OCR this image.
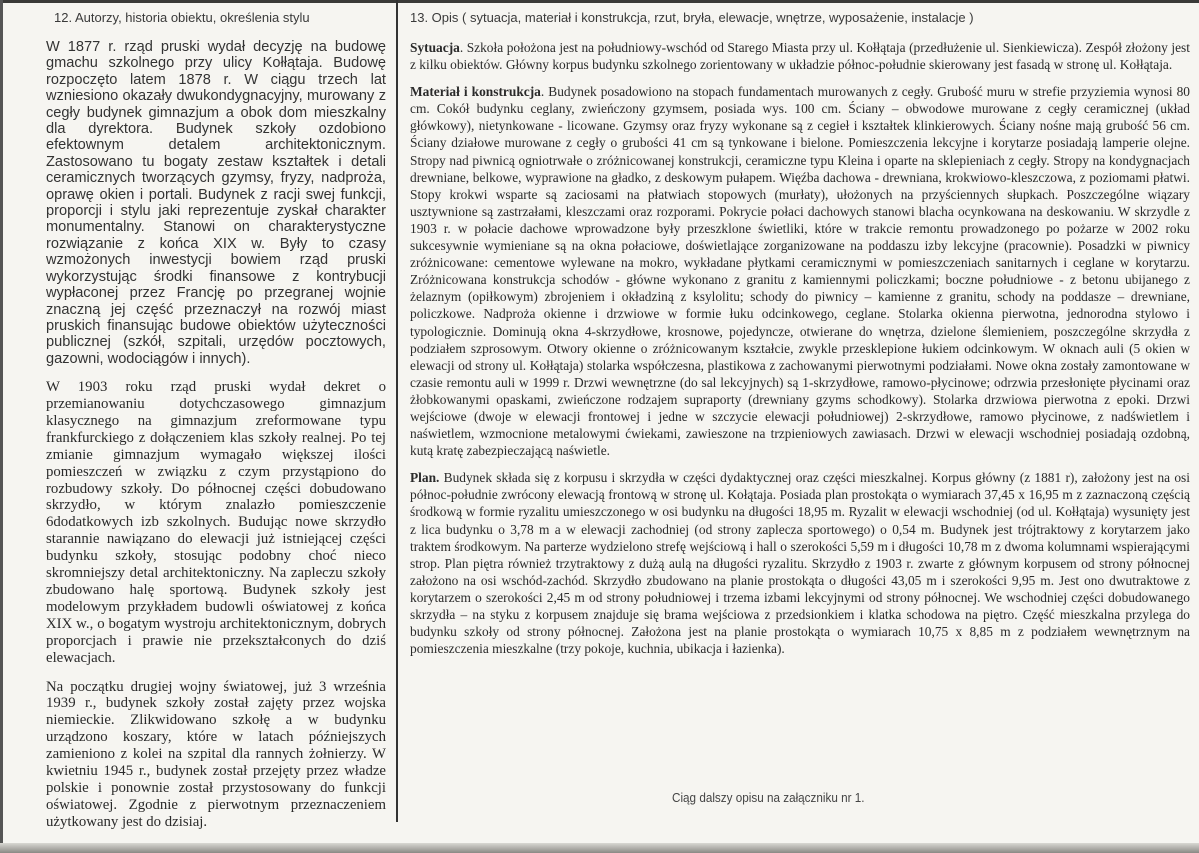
12. Autorzy, historia obiektu, określenia stylu

W 1877 r. rząd pruski wydał decyzję na budowę gmachu szkolnego przy ulicy Kołłątaja. Budowę rozpoczęto latem 1878 r. W ciągu trzech lat wzniesiono okazały dwukondygnacyjny, murowany z cegły budynek gimnazjum a obok dom mieszkalny dla dyrektora. Budynek szkoły ozdobiono efektownym detalem architektonicznym. Zastosowano tu bogaty zestaw kształtek i detali ceramicznych tworzących gzymsy, fryzy, nadproża, oprawę okien i portali. Budynek z racji swej funkcji, proporcji i stylu jaki reprezentuje zyskał charakter monumentalny. Stanowi on charakterystyczne rozwiązanie z końca XIX w. Były to czasy wzmożonych inwestycji bowiem rząd pruski wykorzystując środki finansowe z kontrybucji wypłaconej przez Francję po przegranej wojnie znaczną jej część przeznaczył na rozwój miast pruskich finansując budowe obiektów użyteczności publicznej (szkół, szpitali, urzędów pocztowych, gazowni, wodociągów i innych).

W 1903 roku rząd pruski wydał dekret o przemianowaniu dotychczasowego gimnazjum klasycznego na gimnazjum zreformowane typu frankfurckiego z dołączeniem klas szkoły realnej. Po tej zmianie gimnazjum wymagało większej ilości pomieszczeń w związku z czym przystąpiono do rozbudowy szkoły. Do północnej części dobudowano skrzydło, w którym znalazło pomieszczenie 6dodatkowych izb szkolnych. Budując nowe skrzydło starannie nawiązano do elewacji już istniejącej części budynku szkoły, stosując podobny choć nieco skromniejszy detal architektoniczny. Na zapleczu szkoły zbudowano halę sportową. Budynek szkoły jest modelowym przykładem budowli oświatowej z końca XIX w., o bogatym wystroju architektonicznym, dobrych proporcjach i prawie nie przekształconych do dziś elewacjach.

Na początku drugiej wojny światowej, już 3 września 1939 r., budynek szkoły został zajęty przez wojska niemieckie. Zlikwidowano szkołę a w budynku urządzono koszary, które w latach późniejszych zamieniono z kolei na szpital dla rannych żołnierzy. W kwietniu 1945 r., budynek został przejęty przez władze polskie i ponownie został przystosowany do funkcji oświatowej. Zgodnie z pierwotnym przeznaczeniem użytkowany jest do dzisiaj.

13. Opis ( sytuacja, materiał i konstrukcja, rzut, bryła, elewacje, wnętrze, wyposażenie, instalacje )

Sytuacja. Szkoła położona jest na południowy-wschód od Starego Miasta przy ul. Kołłątaja (przedłużenie ul. Sienkiewicza). Zespół złożony jest z kilku obiektów. Główny korpus budynku szkolnego zorientowany w układzie północ-południe skierowany jest fasadą w stronę ul. Kołłątaja.

Materiał i konstrukcja. Budynek posadowiono na stopach fundamentach murowanych z cegły. Grubość muru w strefie przyziemia wynosi 80 cm. Cokół budynku ceglany, zwieńczony gzymsem, posiada wys. 100 cm. Ściany – obwodowe murowane z cegły ceramicznej (układ główkowy), nietynkowane - licowane. Gzymsy oraz fryzy wykonane są z cegieł i kształtek klinkierowych. Ściany nośne mają grubość 56 cm. Ściany działowe murowane z cegły o grubości 41 cm są tynkowane i bielone. Pomieszczenia lekcyjne i korytarze posiadają lamperie olejne. Stropy nad piwnicą ogniotrwałe o zróżnicowanej konstrukcji, ceramiczne typu Kleina i oparte na sklepieniach z cegły. Stropy na kondygnacjach drewniane, belkowe, wyprawione na gładko, z deskowym pułapem. Więźba dachowa - drewniana, krokwiowo-kleszczowa, z poziomami płatwi. Stopy krokwi wsparte są zaciosami na płatwiach stopowych (murłaty), ułożonych na przyściennych słupkach. Poszczególne wiązary usztywnione są zastrzałami, kleszczami oraz rozporami. Pokrycie połaci dachowych stanowi blacha ocynkowana na deskowaniu. W skrzydle z 1903 r. w połacie dachowe wprowadzone były przeszklone świetliki, które w trakcie remontu prowadzonego po pożarze w 2002 roku sukcesywnie wymieniane są na okna połaciowe, doświetlające zorganizowane na poddaszu izby lekcyjne (pracownie). Posadzki w piwnicy zróżnicowane: cementowe wylewane na mokro, wykładane płytkami ceramicznymi w pomieszczeniach sanitarnych i ceglane w korytarzu. Zróżnicowana konstrukcja schodów - główne wykonano z granitu z kamiennymi policzkami; boczne południowe - z betonu ubijanego z żelaznym (opiłkowym) zbrojeniem i okładziną z ksylolitu; schody do piwnicy – kamienne z granitu, schody na poddasze – drewniane, policzkowe. Nadproża okienne i drzwiowe w formie łuku odcinkowego, ceglane. Stolarka okienna pierwotna, jednorodna stylowo i typologicznie. Dominują okna 4-skrzydłowe, krosnowe, pojedyncze, otwierane do wnętrza, dzielone ślemieniem, poszczególne skrzydła z podziałem szprosowym. Otwory okienne o zróżnicowanym kształcie, zwykle przesklepione łukiem odcinkowym. W oknach auli (5 okien w elewacji od strony ul. Kołłątaja) stolarka współczesna, plastikowa z zachowanymi pierwotnymi podziałami. Nowe okna zostały zamontowane w czasie remontu auli w 1999 r. Drzwi wewnętrzne (do sal lekcyjnych) są 1-skrzydłowe, ramowo-płycinowe; odrzwia przesłonięte płycinami oraz żłobkowanymi opaskami, zwieńczone rodzajem supraporty (drewniany gzyms schodkowy). Stolarka drzwiowa pierwotna z epoki. Drzwi wejściowe (dwoje w elewacji frontowej i jedne w szczycie elewacji południowej) 2-skrzydłowe, ramowo płycinowe, z nadświetlem i naświetlem, wzmocnione metalowymi ćwiekami, zawieszone na trzpieniowych zawiasach. Drzwi w elewacji wschodniej posiadają ozdobną, kutą kratę zabezpieczającą naświetle.

Plan. Budynek składa się z korpusu i skrzydła w części dydaktycznej oraz części mieszkalnej. Korpus główny (z 1881 r), założony jest na osi północ-południe zwrócony elewacją frontową w stronę ul. Kołątaja. Posiada plan prostokąta o wymiarach 37,45 x 16,95 m z zaznaczoną częścią środkową w formie ryzalitu umieszczonego w osi budynku na długości 18,95 m. Ryzalit w elewacji wschodniej (od ul. Kołłątaja) wysunięty jest z lica budynku o 3,78 m a w elewacji zachodniej (od strony zaplecza sportowego) o 0,54 m. Budynek jest trójtraktowy z korytarzem jako traktem środkowym. Na parterze wydzielono strefę wejściową i hall o szerokości 5,59 m i długości 10,78 m z dwoma kolumnami wspierającymi strop. Plan piętra również trzytraktowy z dużą aulą na długości ryzalitu. Skrzydło z 1903 r. zwarte z głównym korpusem od strony północnej założono na osi wschód-zachód. Skrzydło zbudowano na planie prostokąta o długości 43,05 m i szerokości 9,95 m. Jest ono dwutraktowe z korytarzem o szerokości 2,45 m od strony południowej i trzema izbami lekcyjnymi od strony północnej. We wschodniej części dobudowanego skrzydła – na styku z korpusem znajduje się brama wejściowa z przedsionkiem i klatka schodowa na piętro. Część mieszkalna przylega do budynku szkoły od strony północnej. Założona jest na planie prostokąta o wymiarach 10,75 x 8,85 m z podziałem wewnętrznym na pomieszczenia mieszkalne (trzy pokoje, kuchnia, ubikacja i łazienka).

Ciąg dalszy opisu na załączniku nr 1.
